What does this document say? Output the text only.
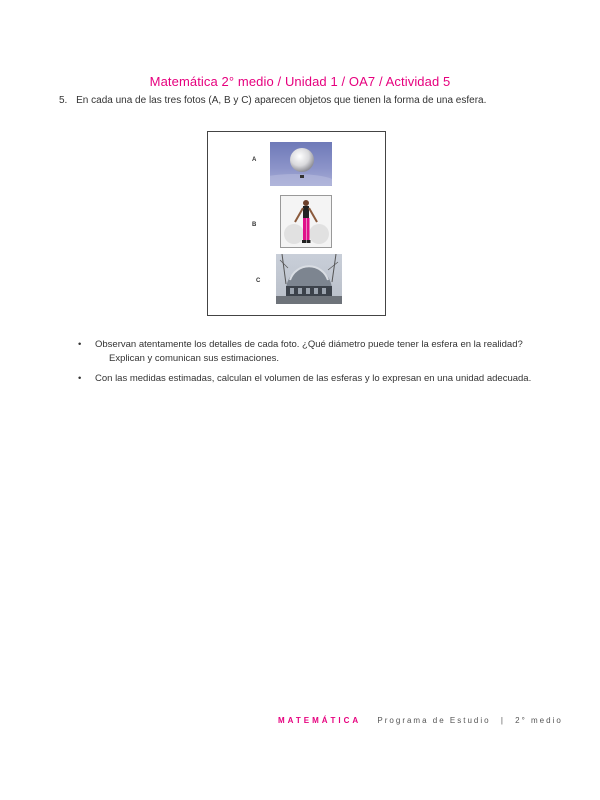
Matemática 2° medio / Unidad 1 / OA7 / Actividad 5
5. En cada una de las tres fotos (A, B y C) aparecen objetos que tienen la forma de una esfera.
A
B
C
• Observan atentamente los detalles de cada foto. ¿Qué diámetro puede tener la esfera en la realidad?
Explican y comunican sus estimaciones.
• Con las medidas estimadas, calculan el volumen de las esferas y lo expresan en una unidad adecuada.
MATEMÁTICA Programa de Estudio | 2° medio
